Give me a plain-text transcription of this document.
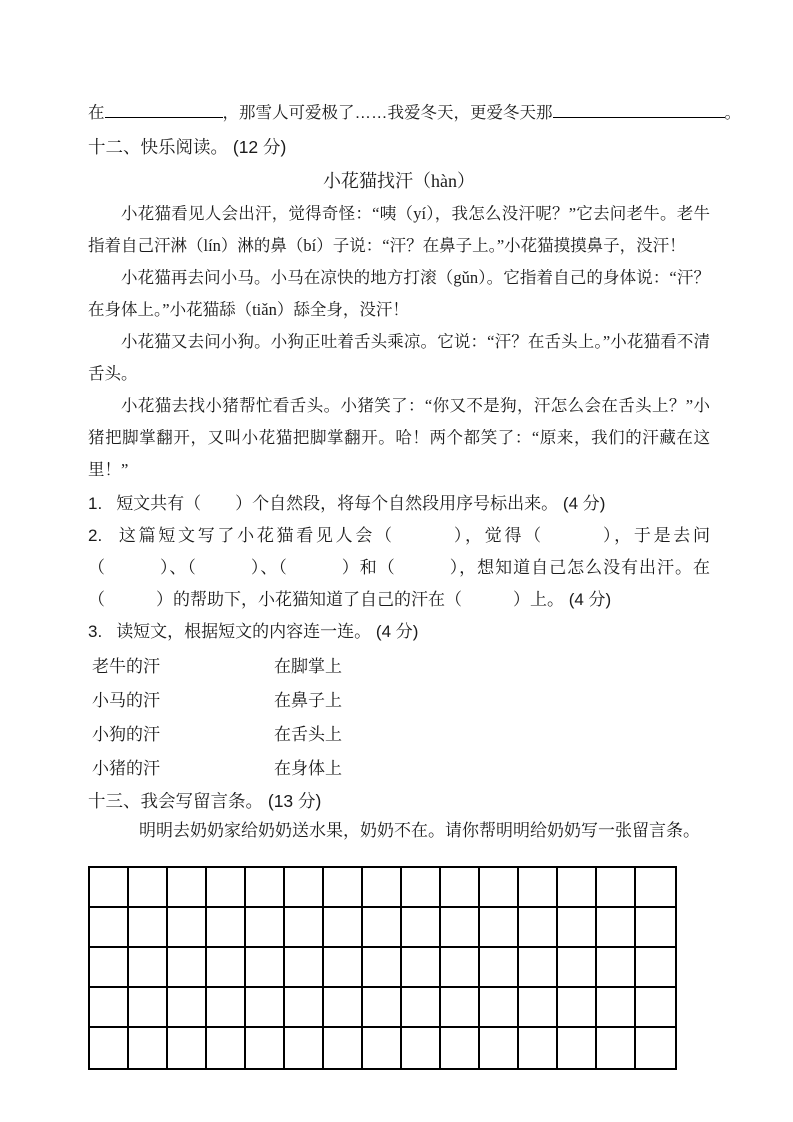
在	，那雪人可爱极了……我爱冬天，更爱冬天那	。

十二、快乐阅读。 (12 分)
小花猫找汗（hàn）

小花猫看见人会出汗，觉得奇怪：“咦（yí），我怎么没汗呢？”它去问老牛。老牛指着自己汗淋（lín）淋的鼻（bí）子说：“汗？在鼻子上。”小花猫摸摸鼻子，没汗！

小花猫再去问小马。小马在凉快的地方打滚（gǔn）。它指着自己的身体说：“汗？在身体上。”小花猫舔（tiǎn）舔全身，没汗！

小花猫又去问小狗。小狗正吐着舌头乘凉。它说：“汗？在舌头上。”小花猫看不清舌头。

小花猫去找小猪帮忙看舌头。小猪笑了：“你又不是狗，汗怎么会在舌头上？”小猪把脚掌翻开，又叫小花猫把脚掌翻开。哈！两个都笑了：“原来，我们的汗藏在这里！”

1. 短文共有（　　）个自然段，将每个自然段用序号标出来。 (4 分)

2. 这篇短文写了小花猫看见人会（　　　），觉得（　　　），于是去问（　　　）、（　　　）、（　　　）和（　　　），想知道自己怎么没有出汗。在（　　　）的帮助下，小花猫知道了自己的汗在（　　　）上。 (4 分)

3. 读短文，根据短文的内容连一连。 (4 分)

老牛的汗	在脚掌上
小马的汗	在鼻子上
小狗的汗	在舌头上
小猪的汗	在身体上
十三、我会写留言条。 (13 分)

明明去奶奶家给奶奶送水果，奶奶不在。请你帮明明给奶奶写一张留言条。
